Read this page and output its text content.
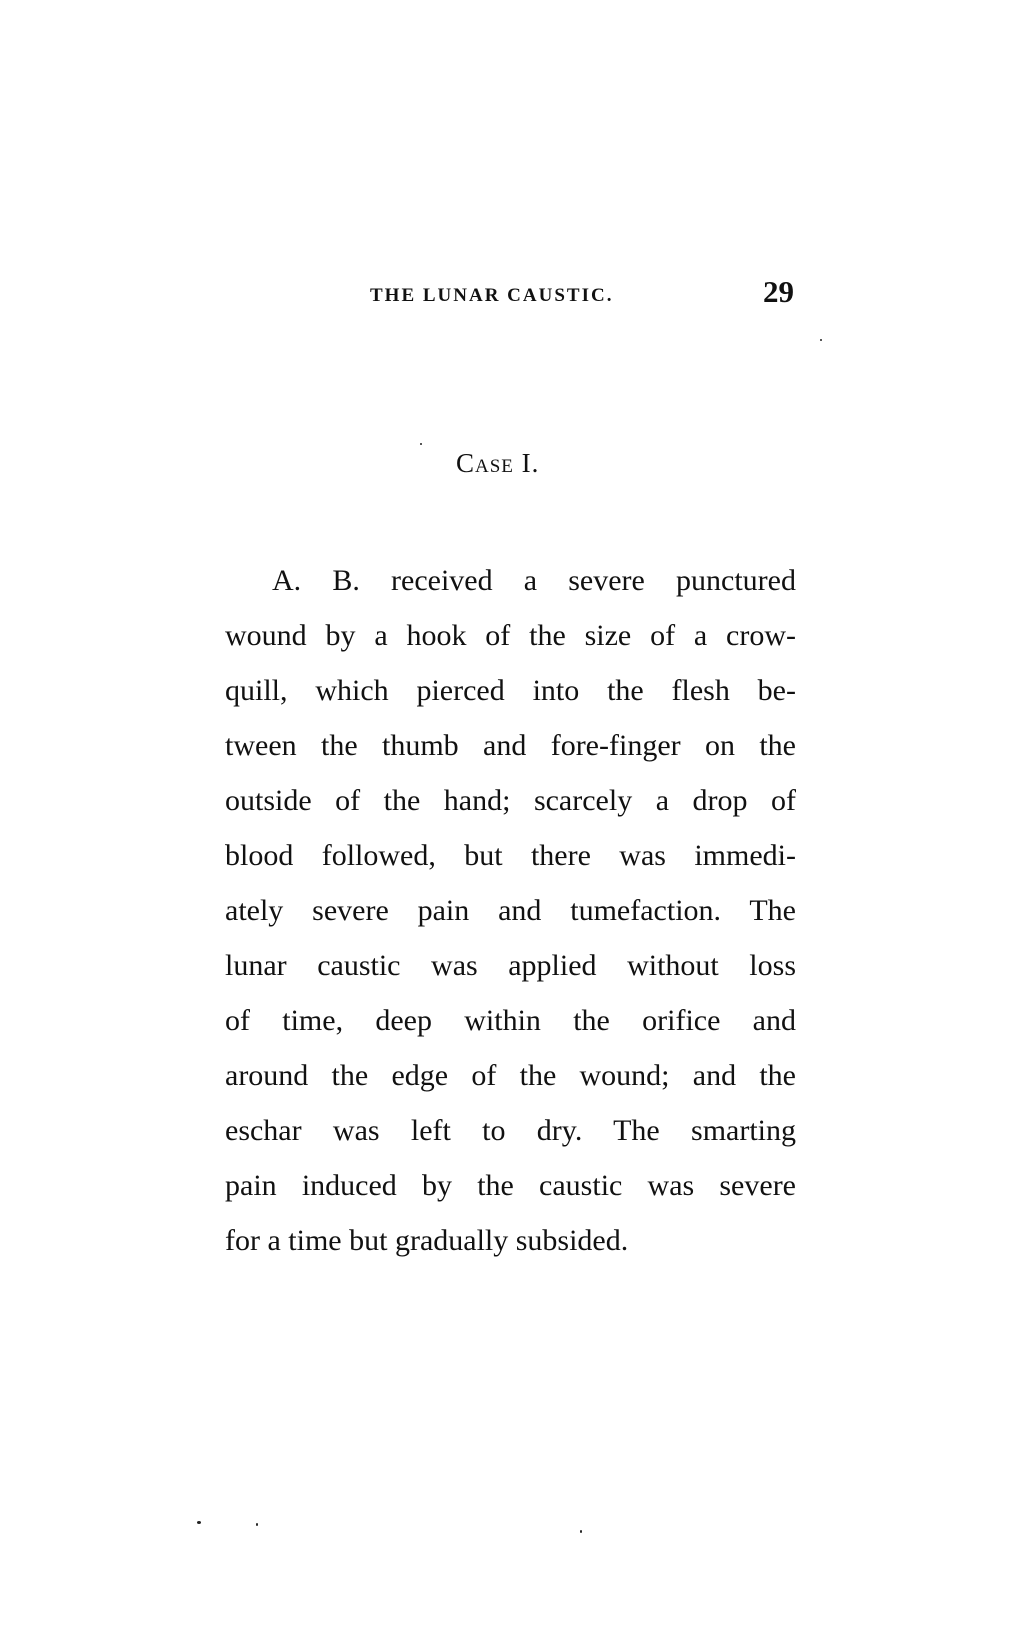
THE LUNAR CAUSTIC.	29
Case I.
A. B. received a severe punctured
wound by a hook of the size of a crow-
quill, which pierced into the flesh be-
tween the thumb and fore-finger on the
outside of the hand; scarcely a drop of
blood followed, but there was immedi-
ately severe pain and tumefaction. The
lunar caustic was applied without loss
of time, deep within the orifice and
around the edge of the wound; and the
eschar was left to dry. The smarting
pain induced by the caustic was severe
for a time but gradually subsided.
